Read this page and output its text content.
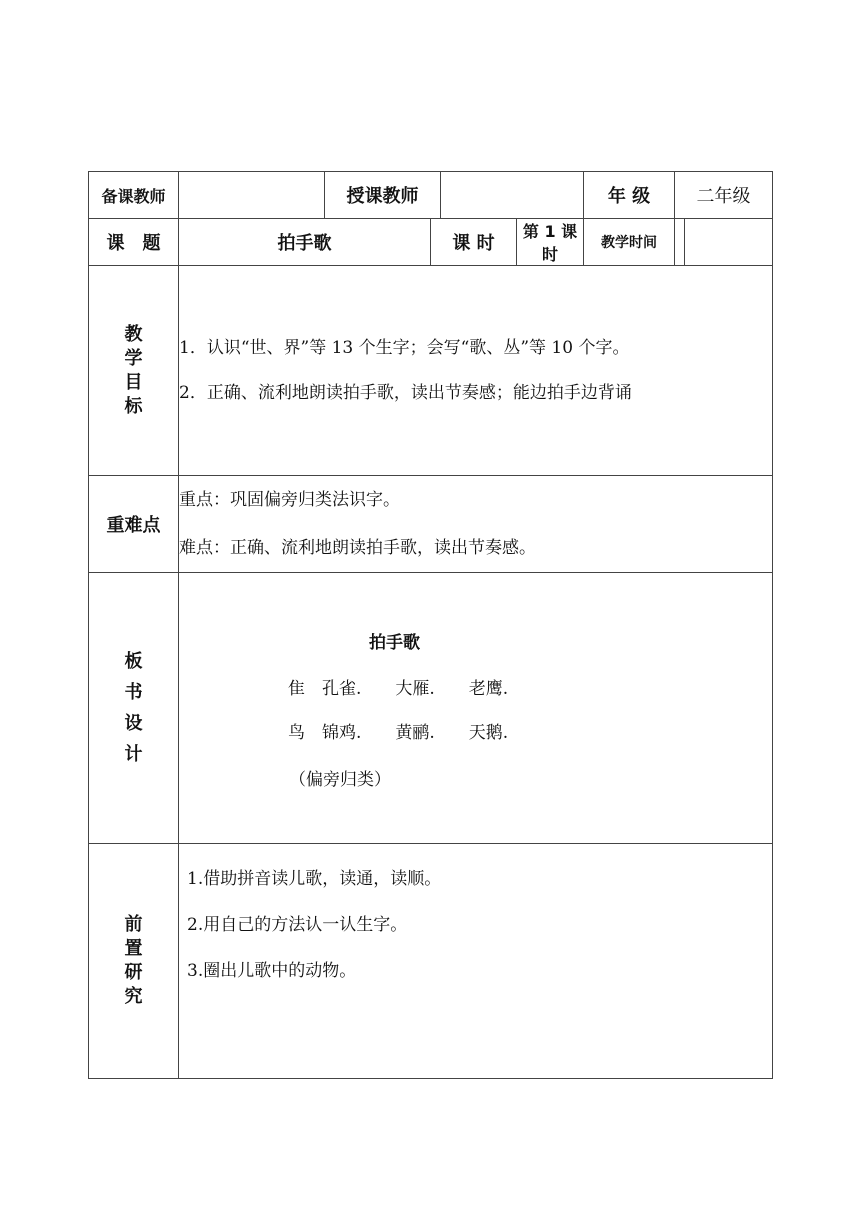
备课教师		授课教师				年 级	二年级	
课　题	拍手歌		课 时		第 1 课时	教学时间		
教学目标	1．认识“世、界”等 13 个生字；会写“歌、丛”等 10 个字。

2．正确、流利地朗读拍手歌，读出节奏感；能边拍手边背诵							

重难点	重点：巩固偏旁归类法识字。

难点：正确、流利地朗读拍手歌，读出节奏感。							

板书设计	拍手歌
隹　孔雀.　　大雁.　　老鹰.
鸟　锦鸡.　　黄鹂.　　天鹅.
（偏旁归类）							

前置研究	1.借助拼音读儿歌，读通，读顺。

2.用自己的方法认一认生字。

3.圈出儿歌中的动物。							
